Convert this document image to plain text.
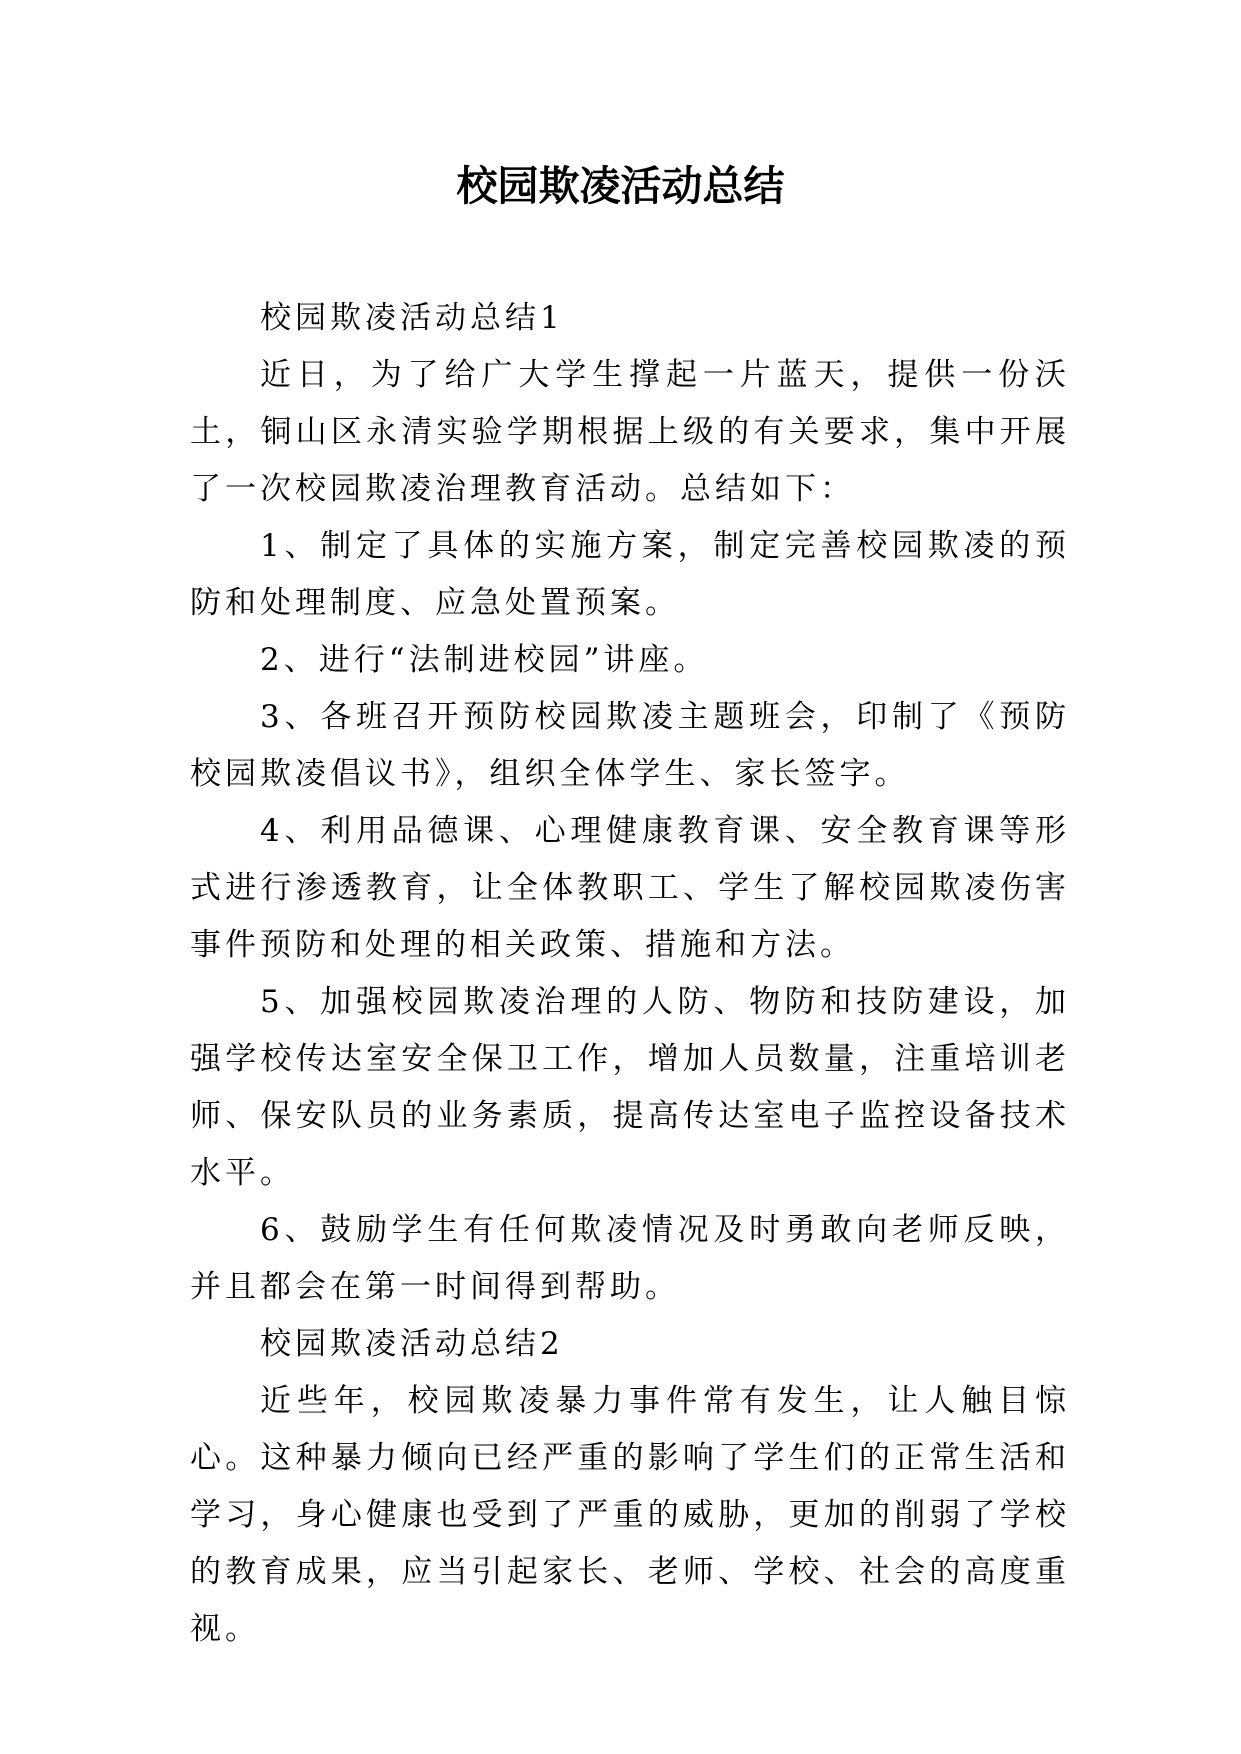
校园欺凌活动总结

校园欺凌活动总结1

近日，为了给广大学生撑起一片蓝天，提供一份沃土，铜山区永清实验学期根据上级的有关要求，集中开展了一次校园欺凌治理教育活动。总结如下：

1、制定了具体的实施方案，制定完善校园欺凌的预防和处理制度、应急处置预案。

2、进行“法制进校园”讲座。

3、各班召开预防校园欺凌主题班会，印制了《预防校园欺凌倡议书》，组织全体学生、家长签字。

4、利用品德课、心理健康教育课、安全教育课等形式进行渗透教育，让全体教职工、学生了解校园欺凌伤害事件预防和处理的相关政策、措施和方法。

5、加强校园欺凌治理的人防、物防和技防建设，加强学校传达室安全保卫工作，增加人员数量，注重培训老师、保安队员的业务素质，提高传达室电子监控设备技术水平。

6、鼓励学生有任何欺凌情况及时勇敢向老师反映，并且都会在第一时间得到帮助。

校园欺凌活动总结2

近些年，校园欺凌暴力事件常有发生，让人触目惊心。这种暴力倾向已经严重的影响了学生们的正常生活和学习，身心健康也受到了严重的威胁，更加的削弱了学校的教育成果，应当引起家长、老师、学校、社会的高度重视。
